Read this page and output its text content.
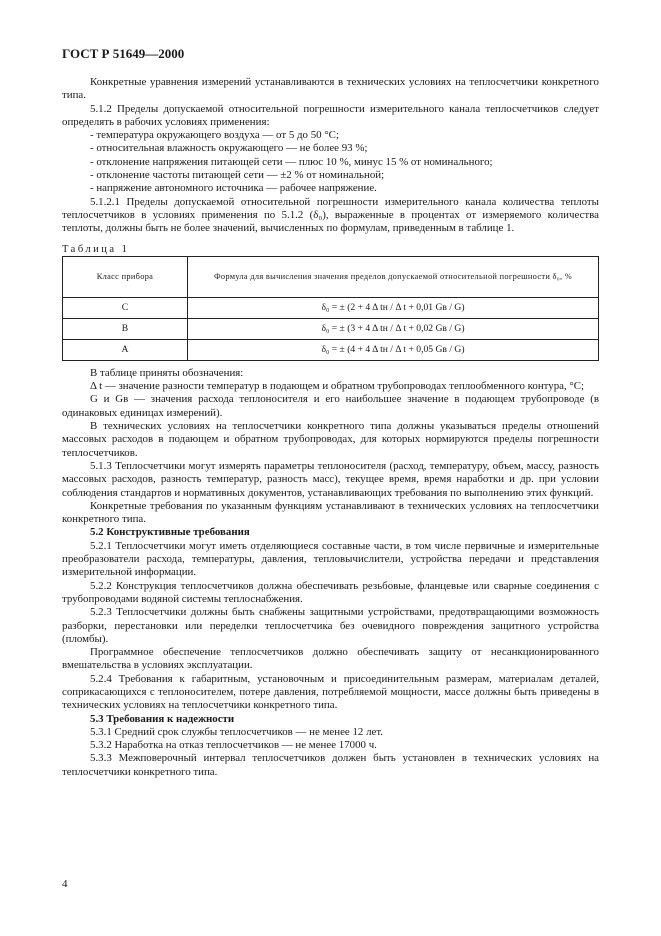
ГОСТ Р 51649—2000

Конкретные уравнения измерений устанавливаются в технических условиях на теплосчетчики конкретного типа.

5.1.2 Пределы допускаемой относительной погрешности измерительного канала теплосчетчиков следует определять в рабочих условиях применения:

- температура окружающего воздуха — от 5 до 50 °С;

- относительная влажность окружающего — не более 93 %;

- отклонение напряжения питающей сети — плюс 10 %, минус 15 % от номинального;

- отклонение частоты питающей сети — ±2 % от номинальной;

- напряжение автономного источника — рабочее напряжение.

5.1.2.1 Пределы допускаемой относительной погрешности измерительного канала количества теплоты теплосчетчиков в условиях применения по 5.1.2 (δ₀), выраженные в процентах от измеряемого количества теплоты, должны быть не более значений, вычисленных по формулам, приведенным в таблице 1.

Таблица 1

Класс прибора	Формула для вычисления значения пределов допускаемой относительной погрешности δ₀, %
C	δ₀ = ± (2 + 4 Δ tн / Δ t + 0,01 Gв / G)
B	δ₀ = ± (3 + 4 Δ tн / Δ t + 0,02 Gв / G)
A	δ₀ = ± (4 + 4 Δ tн / Δ t + 0,05 Gв / G)

В таблице приняты обозначения:

Δ t — значение разности температур в подающем и обратном трубопроводах теплообменного контура, °С;

G и Gв — значения расхода теплоносителя и его наибольшее значение в подающем трубопроводе (в одинаковых единицах измерений).

В технических условиях на теплосчетчики конкретного типа должны указываться пределы отношений массовых расходов в подающем и обратном трубопроводах, для которых нормируются пределы погрешности теплосчетчиков.

5.1.3 Теплосчетчики могут измерять параметры теплоносителя (расход, температуру, объем, массу, разность массовых расходов, разность температур, разность масс), текущее время, время наработки и др. при условии соблюдения стандартов и нормативных документов, устанавливающих требования по выполнению этих функций.

Конкретные требования по указанным функциям устанавливают в технических условиях на теплосчетчики конкретного типа.

5.2 Конструктивные требования

5.2.1 Теплосчетчики могут иметь отделяющиеся составные части, в том числе первичные и измерительные преобразователи расхода, температуры, давления, тепловычислители, устройства передачи и представления измерительной информации.

5.2.2 Конструкция теплосчетчиков должна обеспечивать резьбовые, фланцевые или сварные соединения с трубопроводами водяной системы теплоснабжения.

5.2.3 Теплосчетчики должны быть снабжены защитными устройствами, предотвращающими возможность разборки, перестановки или переделки теплосчетчика без очевидного повреждения защитного устройства (пломбы).

Программное обеспечение теплосчетчиков должно обеспечивать защиту от несанкционированного вмешательства в условиях эксплуатации.

5.2.4 Требования к габаритным, установочным и присоединительным размерам, материалам деталей, соприкасающихся с теплоносителем, потере давления, потребляемой мощности, массе должны быть приведены в технических условиях на теплосчетчики конкретного типа.

5.3 Требования к надежности

5.3.1 Средний срок службы теплосчетчиков — не менее 12 лет.

5.3.2 Наработка на отказ теплосчетчиков — не менее 17000 ч.

5.3.3 Межповерочный интервал теплосчетчиков должен быть установлен в технических условиях на теплосчетчики конкретного типа.

4
